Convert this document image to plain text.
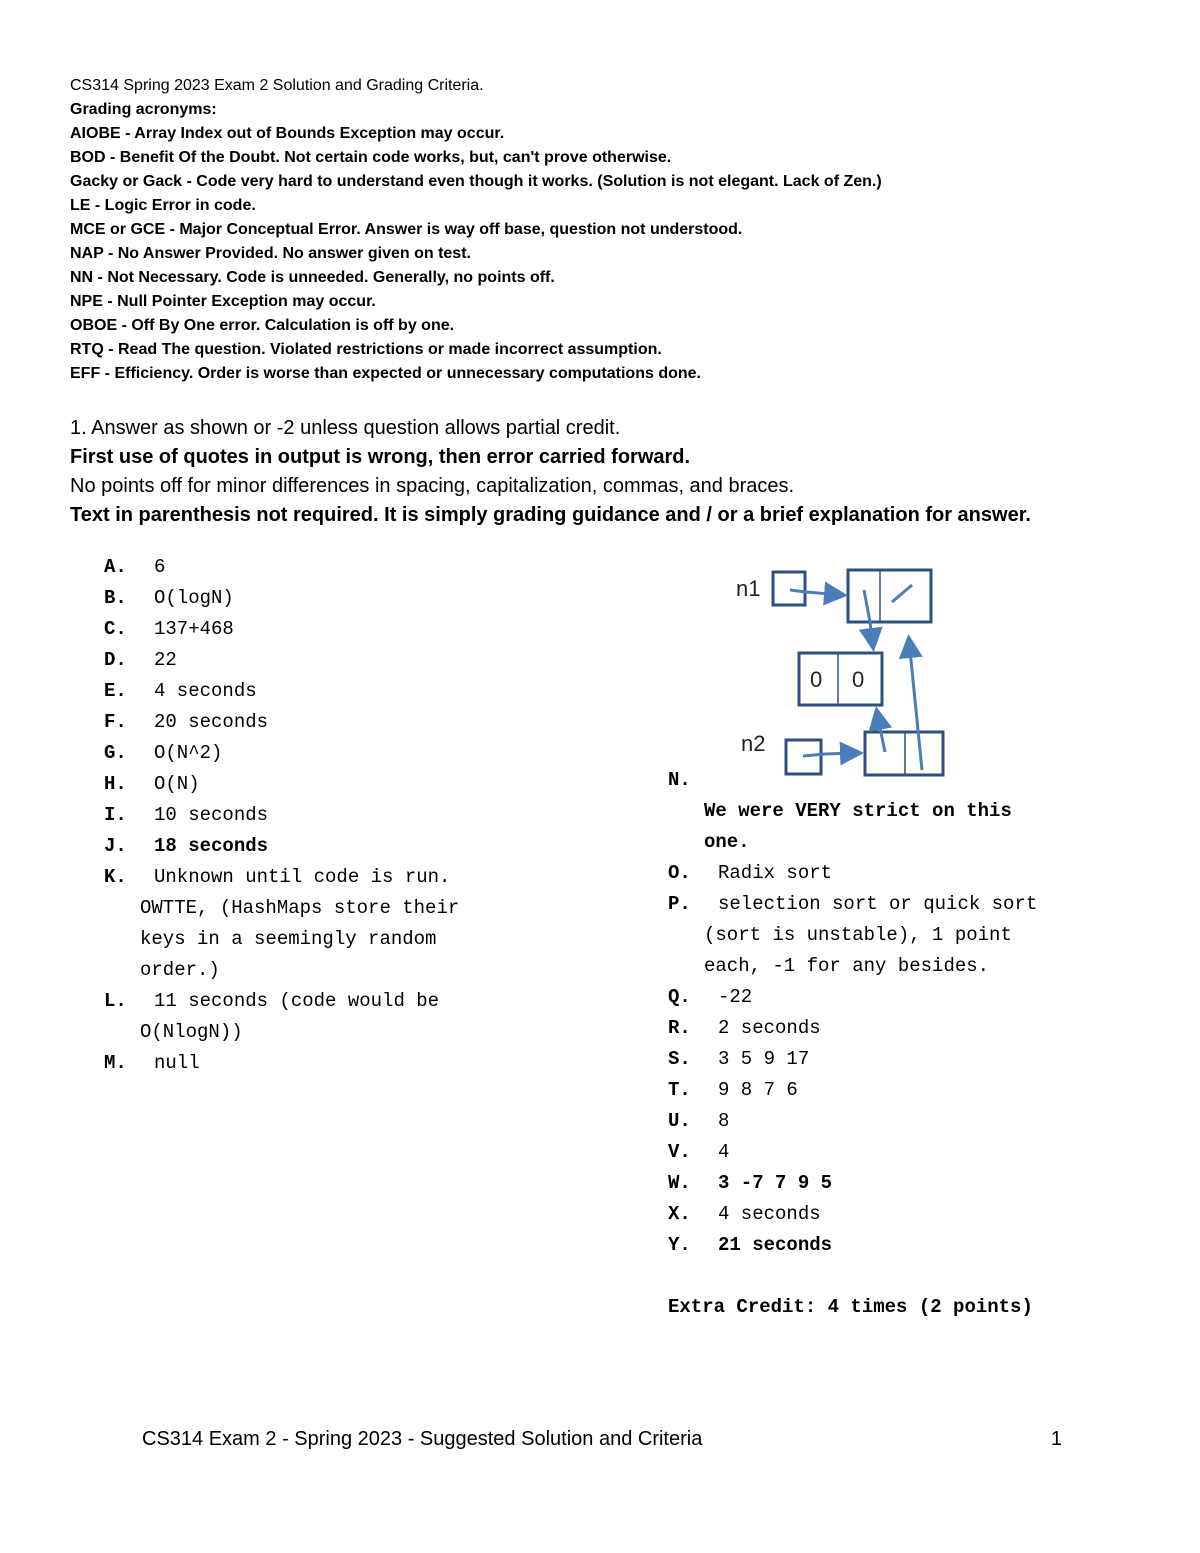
CS314 Spring 2023 Exam 2 Solution and Grading Criteria.
Grading acronyms:
AIOBE - Array Index out of Bounds Exception may occur.
BOD - Benefit Of the Doubt. Not certain code works, but, can't prove otherwise.
Gacky or Gack - Code very hard to understand even though it works. (Solution is not elegant. Lack of Zen.)
LE - Logic Error in code.
MCE or GCE - Major Conceptual Error. Answer is way off base, question not understood.
NAP - No Answer Provided. No answer given on test.
NN - Not Necessary. Code is unneeded. Generally, no points off.
NPE - Null Pointer Exception may occur.
OBOE - Off By One error. Calculation is off by one.
RTQ - Read The question. Violated restrictions or made incorrect assumption.
EFF - Efficiency. Order is worse than expected or unnecessary computations done.
1. Answer as shown or -2 unless question allows partial credit.
First use of quotes in output is wrong, then error carried forward.
No points off for minor differences in spacing, capitalization, commas, and braces.
Text in parenthesis not required. It is simply grading guidance and / or a brief explanation for answer.
A.	6
B.	O(logN)
C.	137+468
D.	22
E.	4 seconds
F.	20 seconds
G.	O(N^2)
H.	O(N)
I.	10 seconds
J.	18 seconds
K.	Unknown until code is run.
OWTTE, (HashMaps store their
keys in a seemingly random
order.)
L.	11 seconds (code would be
O(NlogN))
M.	null
n1
n2
0 0
N.
We were VERY strict on this
one.
O.	Radix sort
P.	selection sort or quick sort
(sort is unstable), 1 point
each, -1 for any besides.
Q.	-22
R.	2 seconds
S.	3 5 9 17
T.	9 8 7 6
U.	8
V.	4
W.	3 -7 7 9 5
X.	4 seconds
Y.	21 seconds
Extra Credit: 4 times (2 points)
CS314 Exam 2 - Spring 2023 - Suggested Solution and Criteria	1
